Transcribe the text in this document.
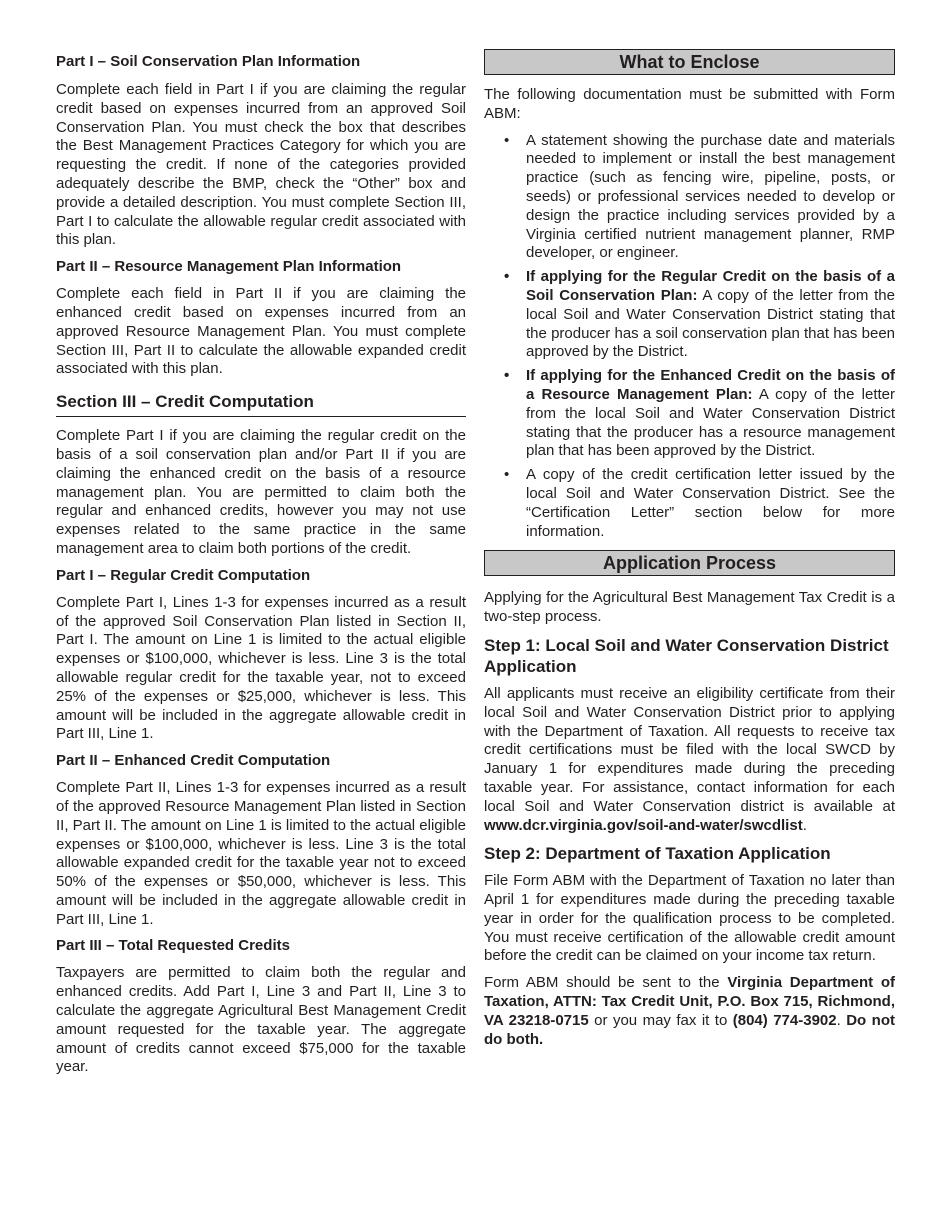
Part I – Soil Conservation Plan Information

Complete each field in Part I if you are claiming the regular credit based on expenses incurred from an approved Soil Conservation Plan. You must check the box that describes the Best Management Practices Category for which you are requesting the credit. If none of the categories provided adequately describe the BMP, check the “Other” box and provide a detailed description. You must complete Section III, Part I to calculate the allowable regular credit associated with this plan.

Part II – Resource Management Plan Information

Complete each field in Part II if you are claiming the enhanced credit based on expenses incurred from an approved Resource Management Plan. You must complete Section III, Part II to calculate the allowable expanded credit associated with this plan.

Section III – Credit Computation

Complete Part I if you are claiming the regular credit on the basis of a soil conservation plan and/or Part II if you are claiming the enhanced credit on the basis of a resource management plan. You are permitted to claim both the regular and enhanced credits, however you may not use expenses related to the same practice in the same management area to claim both portions of the credit.

Part I – Regular Credit Computation

Complete Part I, Lines 1-3 for expenses incurred as a result of the approved Soil Conservation Plan listed in Section II, Part I. The amount on Line 1 is limited to the actual eligible expenses or $100,000, whichever is less. Line 3 is the total allowable regular credit for the taxable year, not to exceed 25% of the expenses or $25,000, whichever is less. This amount will be included in the aggregate allowable credit in Part III, Line 1.

Part II – Enhanced Credit Computation

Complete Part II, Lines 1-3 for expenses incurred as a result of the approved Resource Management Plan listed in Section II, Part II. The amount on Line 1 is limited to the actual eligible expenses or $100,000, whichever is less. Line 3 is the total allowable expanded credit for the taxable year not to exceed 50% of the expenses or $50,000, whichever is less. This amount will be included in the aggregate allowable credit in Part III, Line 1.

Part III – Total Requested Credits

Taxpayers are permitted to claim both the regular and enhanced credits. Add Part I, Line 3 and Part II, Line 3 to calculate the aggregate Agricultural Best Management Credit amount requested for the taxable year. The aggregate amount of credits cannot exceed $75,000 for the taxable year.

What to Enclose

The following documentation must be submitted with Form ABM:

• A statement showing the purchase date and materials needed to implement or install the best management practice (such as fencing wire, pipeline, posts, or seeds) or professional services needed to develop or design the practice including services provided by a Virginia certified nutrient management planner, RMP developer, or engineer.
• If applying for the Regular Credit on the basis of a Soil Conservation Plan: A copy of the letter from the local Soil and Water Conservation District stating that the producer has a soil conservation plan that has been approved by the District.
• If applying for the Enhanced Credit on the basis of a Resource Management Plan: A copy of the letter from the local Soil and Water Conservation District stating that the producer has a resource management plan that has been approved by the District.
• A copy of the credit certification letter issued by the local Soil and Water Conservation District. See the “Certification Letter” section below for more information.
Application Process

Applying for the Agricultural Best Management Tax Credit is a two-step process.

Step 1: Local Soil and Water Conservation District Application

All applicants must receive an eligibility certificate from their local Soil and Water Conservation District prior to applying with the Department of Taxation. All requests to receive tax credit certifications must be filed with the local SWCD by January 1 for expenditures made during the preceding taxable year. For assistance, contact information for each local Soil and Water Conservation district is available at www.dcr.virginia.gov/soil-and-water/swcdlist.

Step 2: Department of Taxation Application

File Form ABM with the Department of Taxation no later than April 1 for expenditures made during the preceding taxable year in order for the qualification process to be completed. You must receive certification of the allowable credit amount before the credit can be claimed on your income tax return.

Form ABM should be sent to the Virginia Department of Taxation, ATTN: Tax Credit Unit, P.O. Box 715, Richmond, VA 23218-0715 or you may fax it to (804) 774-3902. Do not do both.
